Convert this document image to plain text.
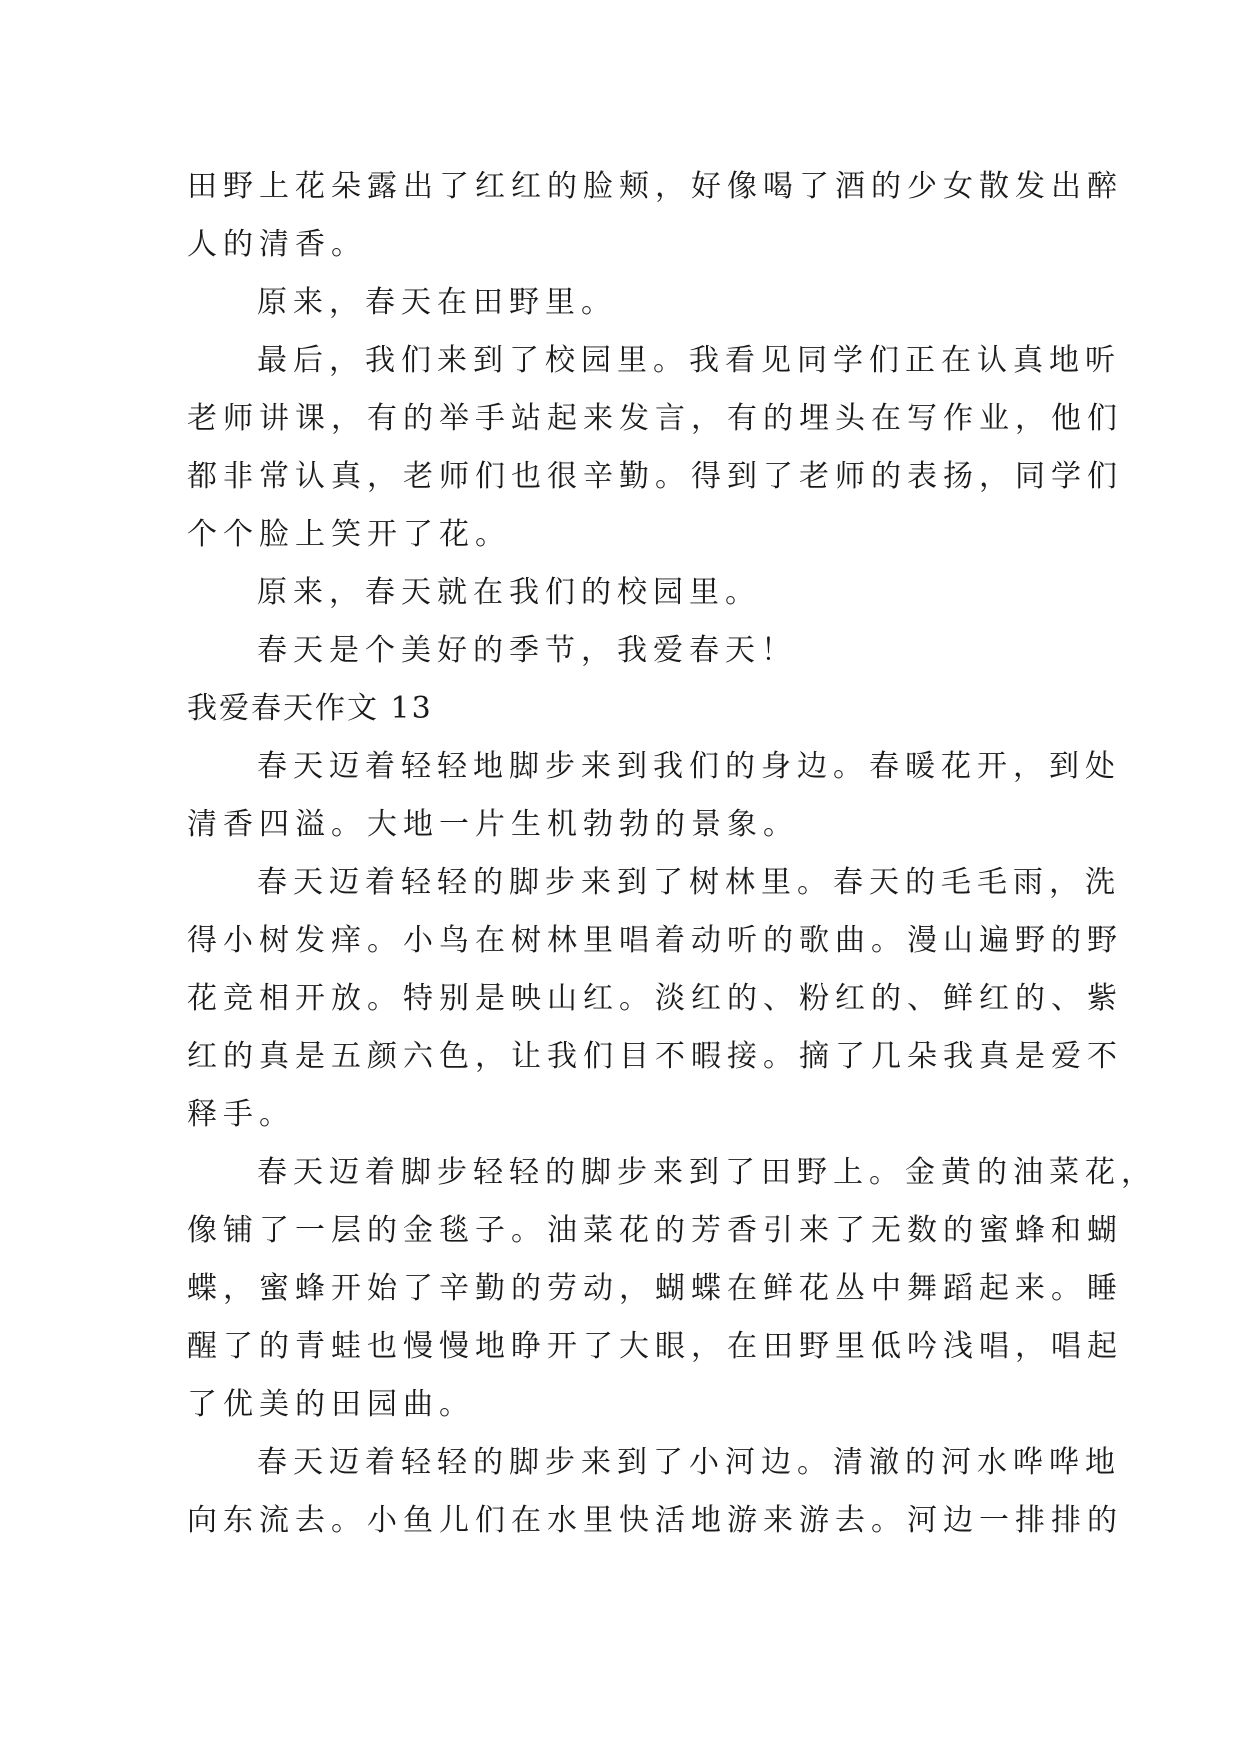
田野上花朵露出了红红的脸颊，好像喝了酒的少女散发出醉
人的清香。
原来，春天在田野里。
最后，我们来到了校园里。我看见同学们正在认真地听
老师讲课，有的举手站起来发言，有的埋头在写作业，他们
都非常认真，老师们也很辛勤。得到了老师的表扬，同学们
个个脸上笑开了花。
原来，春天就在我们的校园里。
春天是个美好的季节，我爱春天！
我爱春天作文 13
春天迈着轻轻地脚步来到我们的身边。春暖花开，到处
清香四溢。大地一片生机勃勃的景象。
春天迈着轻轻的脚步来到了树林里。春天的毛毛雨，洗
得小树发痒。小鸟在树林里唱着动听的歌曲。漫山遍野的野
花竞相开放。特别是映山红。淡红的、粉红的、鲜红的、紫
红的真是五颜六色，让我们目不暇接。摘了几朵我真是爱不
释手。
春天迈着脚步轻轻的脚步来到了田野上。金黄的油菜花，
像铺了一层的金毯子。油菜花的芳香引来了无数的蜜蜂和蝴
蝶，蜜蜂开始了辛勤的劳动，蝴蝶在鲜花丛中舞蹈起来。睡
醒了的青蛙也慢慢地睁开了大眼，在田野里低吟浅唱，唱起
了优美的田园曲。
春天迈着轻轻的脚步来到了小河边。清澈的河水哗哗地
向东流去。小鱼儿们在水里快活地游来游去。河边一排排的
